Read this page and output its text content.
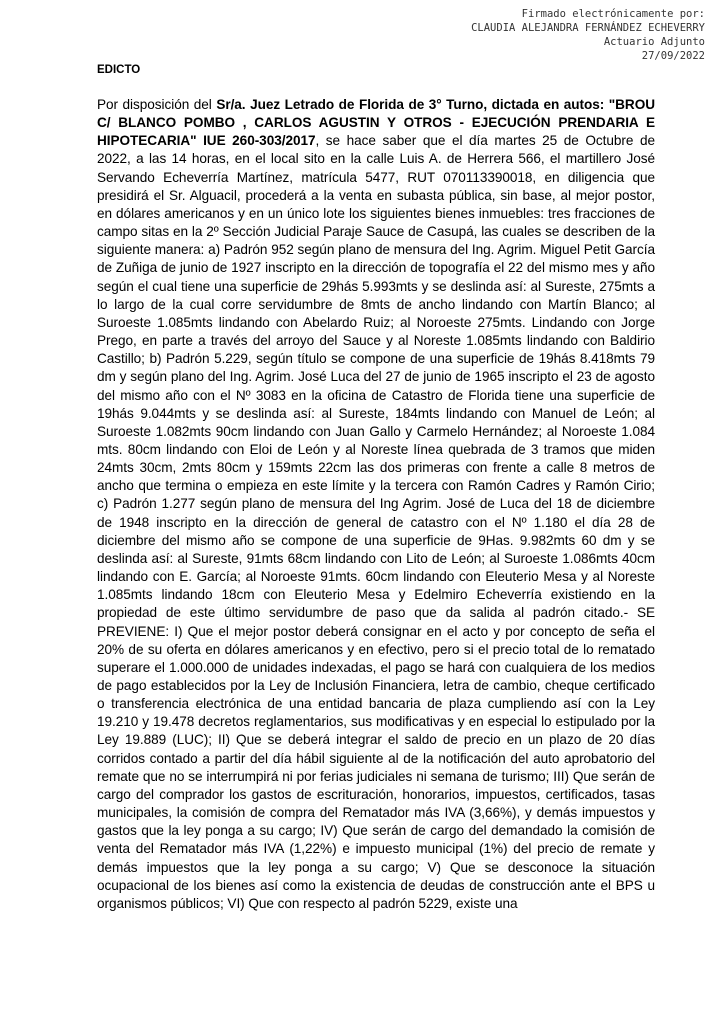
Firmado electrónicamente por:
CLAUDIA ALEJANDRA FERNÁNDEZ ECHEVERRY
Actuario Adjunto
27/09/2022
EDICTO
Por disposición del Sr/a. Juez Letrado de Florida de 3° Turno, dictada en autos: "BROU C/ BLANCO POMBO , CARLOS AGUSTIN Y OTROS - EJECUCIÓN PRENDARIA E HIPOTECARIA" IUE 260-303/2017, se hace saber que el día martes 25 de Octubre de 2022, a las 14 horas, en el local sito en la calle Luis A. de Herrera 566, el martillero José Servando Echeverría Martínez, matrícula 5477, RUT 070113390018, en diligencia que presidirá el Sr. Alguacil, procederá a la venta en subasta pública, sin base, al mejor postor, en dólares americanos y en un único lote los siguientes bienes inmuebles: tres fracciones de campo sitas en la 2º Sección Judicial Paraje Sauce de Casupá, las cuales se describen de la siguiente manera: a) Padrón 952 según plano de mensura del Ing. Agrim. Miguel Petit García de Zuñiga de junio de 1927 inscripto en la dirección de topografía el 22 del mismo mes y año según el cual tiene una superficie de 29hás 5.993mts y se deslinda así: al Sureste, 275mts a lo largo de la cual corre servidumbre de 8mts de ancho lindando con Martín Blanco; al Suroeste 1.085mts lindando con Abelardo Ruiz; al Noroeste 275mts. Lindando con Jorge Prego, en parte a través del arroyo del Sauce y al Noreste 1.085mts lindando con Baldirio Castillo; b) Padrón 5.229, según título se compone de una superficie de 19hás 8.418mts 79 dm y según plano del Ing. Agrim. José Luca del 27 de junio de 1965 inscripto el 23 de agosto del mismo año con el Nº 3083 en la oficina de Catastro de Florida tiene una superficie de 19hás 9.044mts y se deslinda así: al Sureste, 184mts lindando con Manuel de León; al Suroeste 1.082mts 90cm lindando con Juan Gallo y Carmelo Hernández; al Noroeste 1.084 mts. 80cm lindando con Eloi de León y al Noreste línea quebrada de 3 tramos que miden 24mts 30cm, 2mts 80cm y 159mts 22cm las dos primeras con frente a calle 8 metros de ancho que termina o empieza en este límite y la tercera con Ramón Cadres y Ramón Cirio; c) Padrón 1.277 según plano de mensura del Ing Agrim. José de Luca del 18 de diciembre de 1948 inscripto en la dirección de general de catastro con el Nº 1.180 el día 28 de diciembre del mismo año se compone de una superficie de 9Has. 9.982mts 60 dm y se deslinda así: al Sureste, 91mts 68cm lindando con Lito de León; al Suroeste 1.086mts 40cm lindando con E. García; al Noroeste 91mts. 60cm lindando con Eleuterio Mesa y al Noreste 1.085mts lindando 18cm con Eleuterio Mesa y Edelmiro Echeverría existiendo en la propiedad de este último servidumbre de paso que da salida al padrón citado.- SE PREVIENE: I) Que el mejor postor deberá consignar en el acto y por concepto de seña el 20% de su oferta en dólares americanos y en efectivo, pero si el precio total de lo rematado superare el 1.000.000 de unidades indexadas, el pago se hará con cualquiera de los medios de pago establecidos por la Ley de Inclusión Financiera, letra de cambio, cheque certificado o transferencia electrónica de una entidad bancaria de plaza cumpliendo así con la Ley 19.210 y 19.478 decretos reglamentarios, sus modificativas y en especial lo estipulado por la Ley 19.889 (LUC); II) Que se deberá integrar el saldo de precio en un plazo de 20 días corridos contado a partir del día hábil siguiente al de la notificación del auto aprobatorio del remate que no se interrumpirá ni por ferias judiciales ni semana de turismo; III) Que serán de cargo del comprador los gastos de escrituración, honorarios, impuestos, certificados, tasas municipales, la comisión de compra del Rematador más IVA (3,66%), y demás impuestos y gastos que la ley ponga a su cargo; IV) Que serán de cargo del demandado la comisión de venta del Rematador más IVA (1,22%) e impuesto municipal (1%) del precio de remate y demás impuestos que la ley ponga a su cargo; V) Que se desconoce la situación ocupacional de los bienes así como la existencia de deudas de construcción ante el BPS u organismos públicos; VI) Que con respecto al padrón 5229, existe una
